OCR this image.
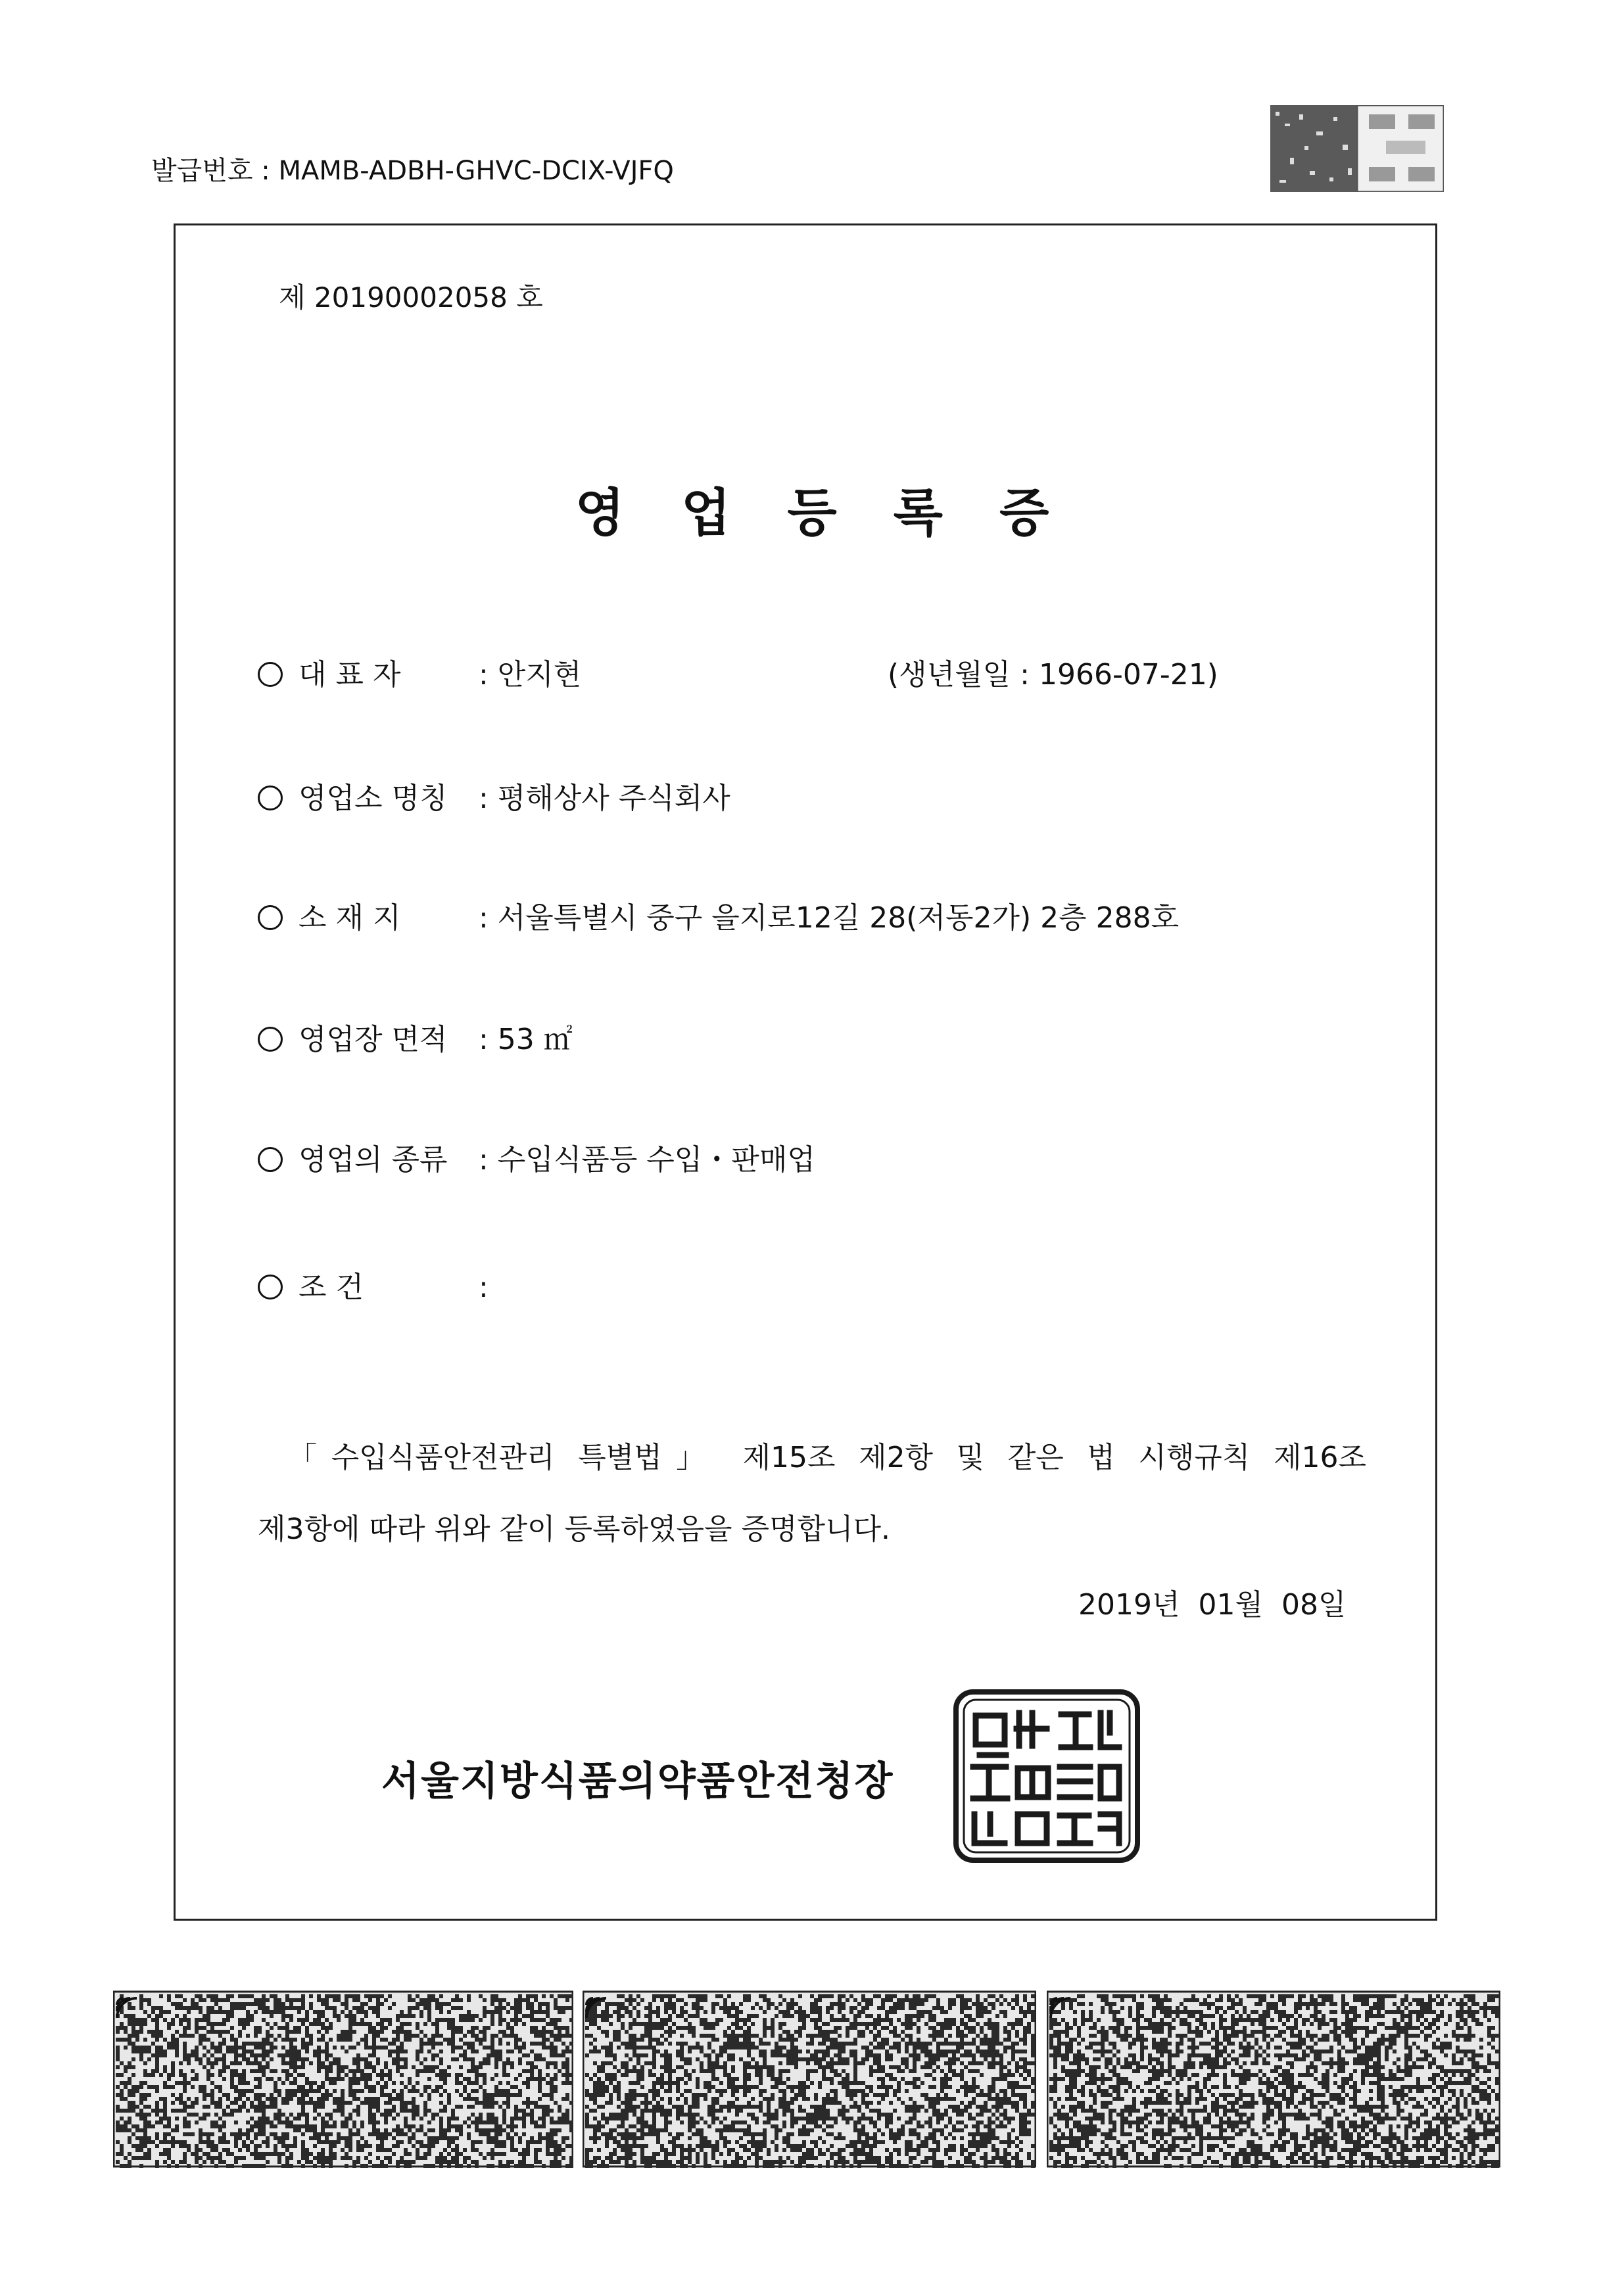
발급번호 : MAMB-ADBH-GHVC-DCIX-VJFQ
제 20190002058 호
영업등록증
대 표 자 : 안지현	(생년월일 : 1966-07-21)
영업소 명칭 : 평해상사 주식회사
소 재 지 : 서울특별시 중구 을지로12길 28(저동2가) 2층 288호
영업장 면적 : 53 ㎡
영업의 종류 : 수입식품등 수입・판매업
조 건	:
「수입식품안전관리 특별법」 제15조 제2항 및 같은 법 시행규칙 제16조
제3항에 따라 위와 같이 등록하였음을 증명합니다.
2019년 01월 08일
서울지방식품의약품안전청장
